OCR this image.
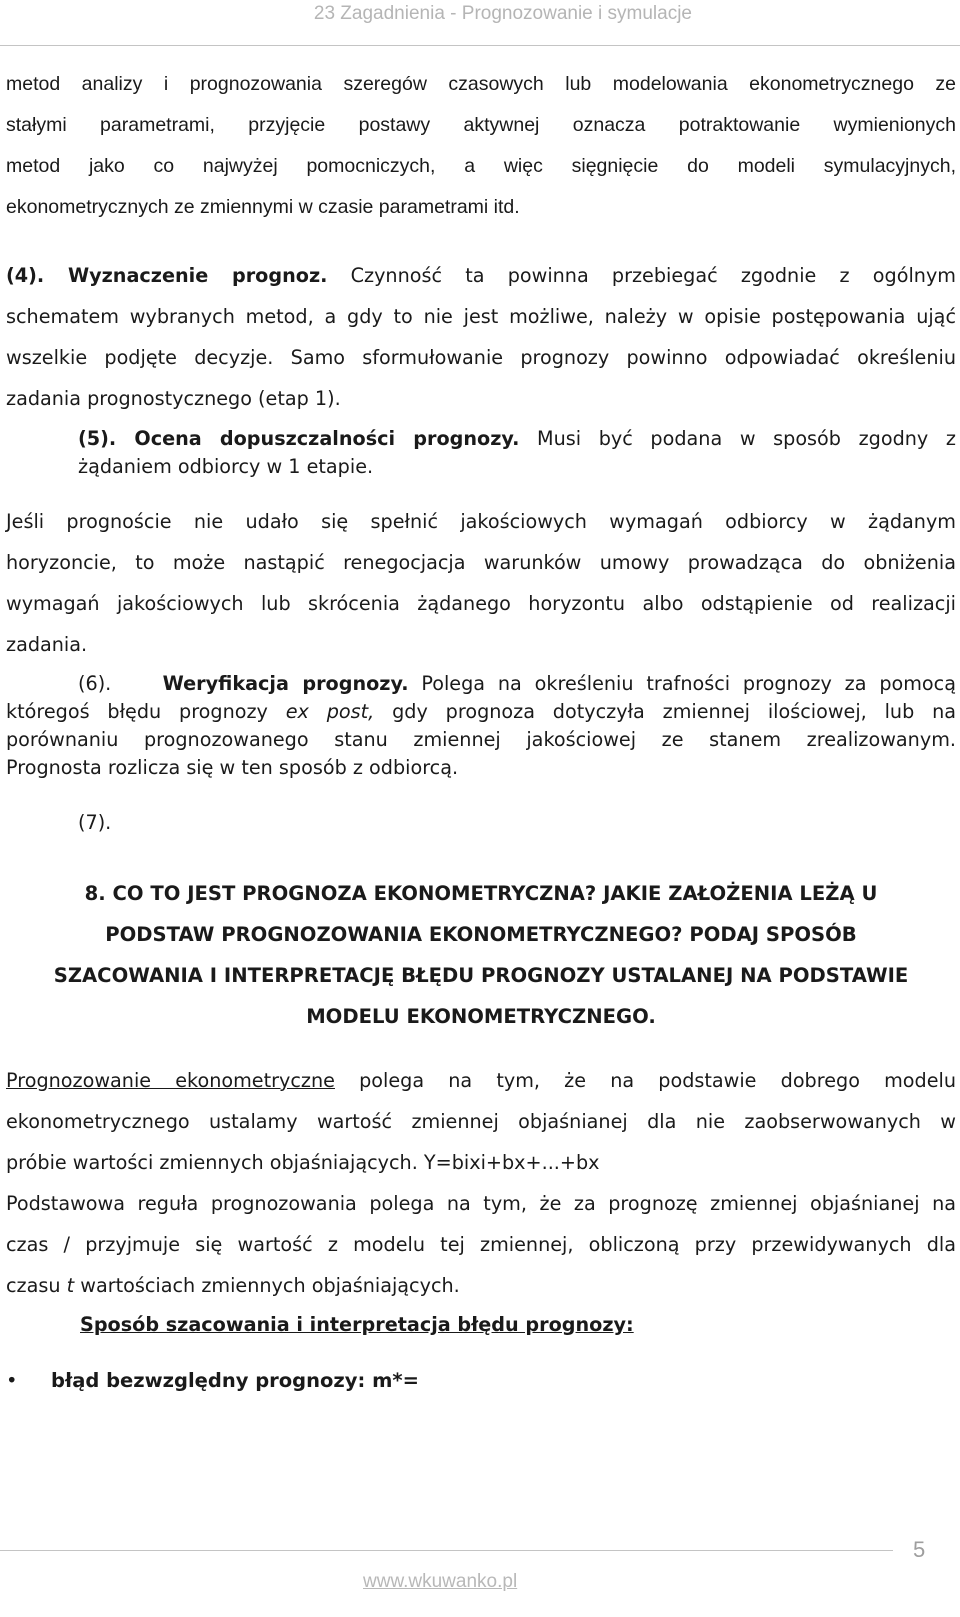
23 Zagadnienia - Prognozowanie i symulacje
metod analizy i prognozowania szeregów czasowych lub modelowania ekonometrycznego ze
stałymi parametrami, przyjęcie postawy aktywnej oznacza potraktowanie wymienionych
metod jako co najwyżej pomocniczych, a więc sięgnięcie do modeli symulacyjnych,
ekonometrycznych ze zmiennymi w czasie parametrami itd.
(4). Wyznaczenie prognoz. Czynność ta powinna przebiegać zgodnie z ogólnym
schematem wybranych metod, a gdy to nie jest możliwe, należy w opisie postępowania ująć
wszelkie podjęte decyzje. Samo sformułowanie prognozy powinno odpowiadać określeniu
zadania prognostycznego (etap 1).
(5). Ocena dopuszczalności prognozy. Musi być podana w sposób zgodny z
żądaniem odbiorcy w 1 etapie.
Jeśli prognoście nie udało się spełnić jakościowych wymagań odbiorcy w żądanym
horyzoncie, to może nastąpić renegocjacja warunków umowy prowadząca do obniżenia
wymagań jakościowych lub skrócenia żądanego horyzontu albo odstąpienie od realizacji
zadania.
(6).	Weryfikacja prognozy. Polega na określeniu trafności prognozy za pomocą
któregoś błędu prognozy ex post, gdy prognoza dotyczyła zmiennej ilościowej, lub na
porównaniu prognozowanego stanu zmiennej jakościowej ze stanem zrealizowanym.
Prognosta rozlicza się w ten sposób z odbiorcą.
(7).
8. CO TO JEST PROGNOZA EKONOMETRYCZNA? JAKIE ZAŁOŻENIA LEŻĄ U
PODSTAW PROGNOZOWANIA EKONOMETRYCZNEGO? PODAJ SPOSÓB
SZACOWANIA I INTERPRETACJĘ BŁĘDU PROGNOZY USTALANEJ NA PODSTAWIE
MODELU EKONOMETRYCZNEGO.
Prognozowanie ekonometryczne polega na tym, że na podstawie dobrego modelu
ekonometrycznego ustalamy wartość zmiennej objaśnianej dla nie zaobserwowanych w
próbie wartości zmiennych objaśniających. Y=bixi+bx+...+bx
Podstawowa reguła prognozowania polega na tym, że za prognozę zmiennej objaśnianej na
czas / przyjmuje się wartość z modelu tej zmiennej, obliczoną przy przewidywanych dla
czasu t wartościach zmiennych objaśniających.
Sposób szacowania i interpretacja błędu prognozy:
• błąd bezwzględny prognozy: m*=
www.wkuwanko.pl
5
